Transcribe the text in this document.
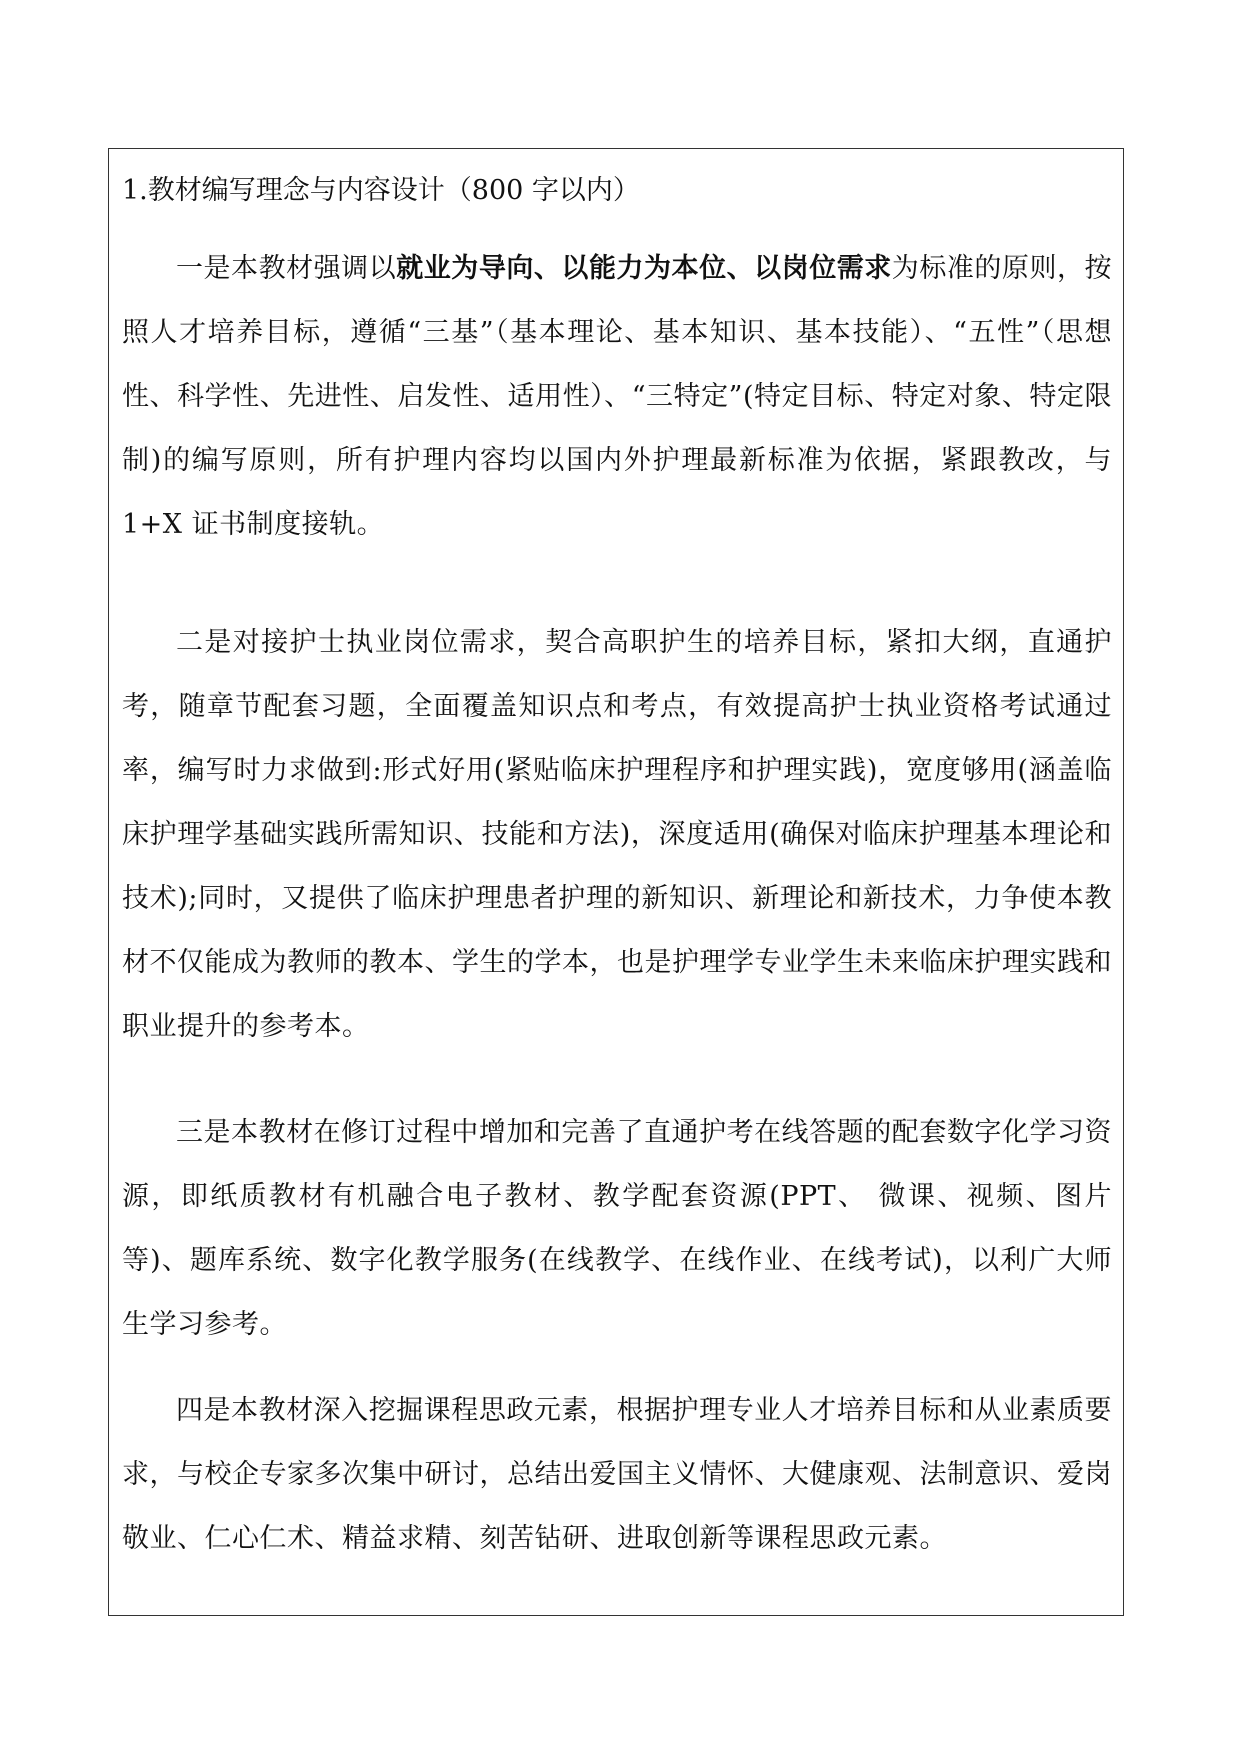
1.教材编写理念与内容设计（800 字以内）

一是本教材强调以就业为导向、以能力为本位、以岗位需求为标准的原则，按照人才培养目标，遵循“三基”（基本理论、基本知识、基本技能）、“五性”（思想性、科学性、先进性、启发性、适用性）、“三特定”(特定目标、特定对象、特定限制)的编写原则，所有护理内容均以国内外护理最新标准为依据，紧跟教改，与 1+X 证书制度接轨。

二是对接护士执业岗位需求，契合高职护生的培养目标，紧扣大纲，直通护考，随章节配套习题，全面覆盖知识点和考点，有效提高护士执业资格考试通过率，编写时力求做到:形式好用(紧贴临床护理程序和护理实践)，宽度够用(涵盖临床护理学基础实践所需知识、技能和方法)，深度适用(确保对临床护理基本理论和技术);同时，又提供了临床护理患者护理的新知识、新理论和新技术，力争使本教材不仅能成为教师的教本、学生的学本，也是护理学专业学生未来临床护理实践和职业提升的参考本。

三是本教材在修订过程中增加和完善了直通护考在线答题的配套数字化学习资源，即纸质教材有机融合电子教材、教学配套资源(PPT、 微课、视频、图片等)、题库系统、数字化教学服务(在线教学、在线作业、在线考试)，以利广大师生学习参考。

四是本教材深入挖掘课程思政元素，根据护理专业人才培养目标和从业素质要求，与校企专家多次集中研讨，总结出爱国主义情怀、大健康观、法制意识、爱岗敬业、仁心仁术、精益求精、刻苦钻研、进取创新等课程思政元素。
